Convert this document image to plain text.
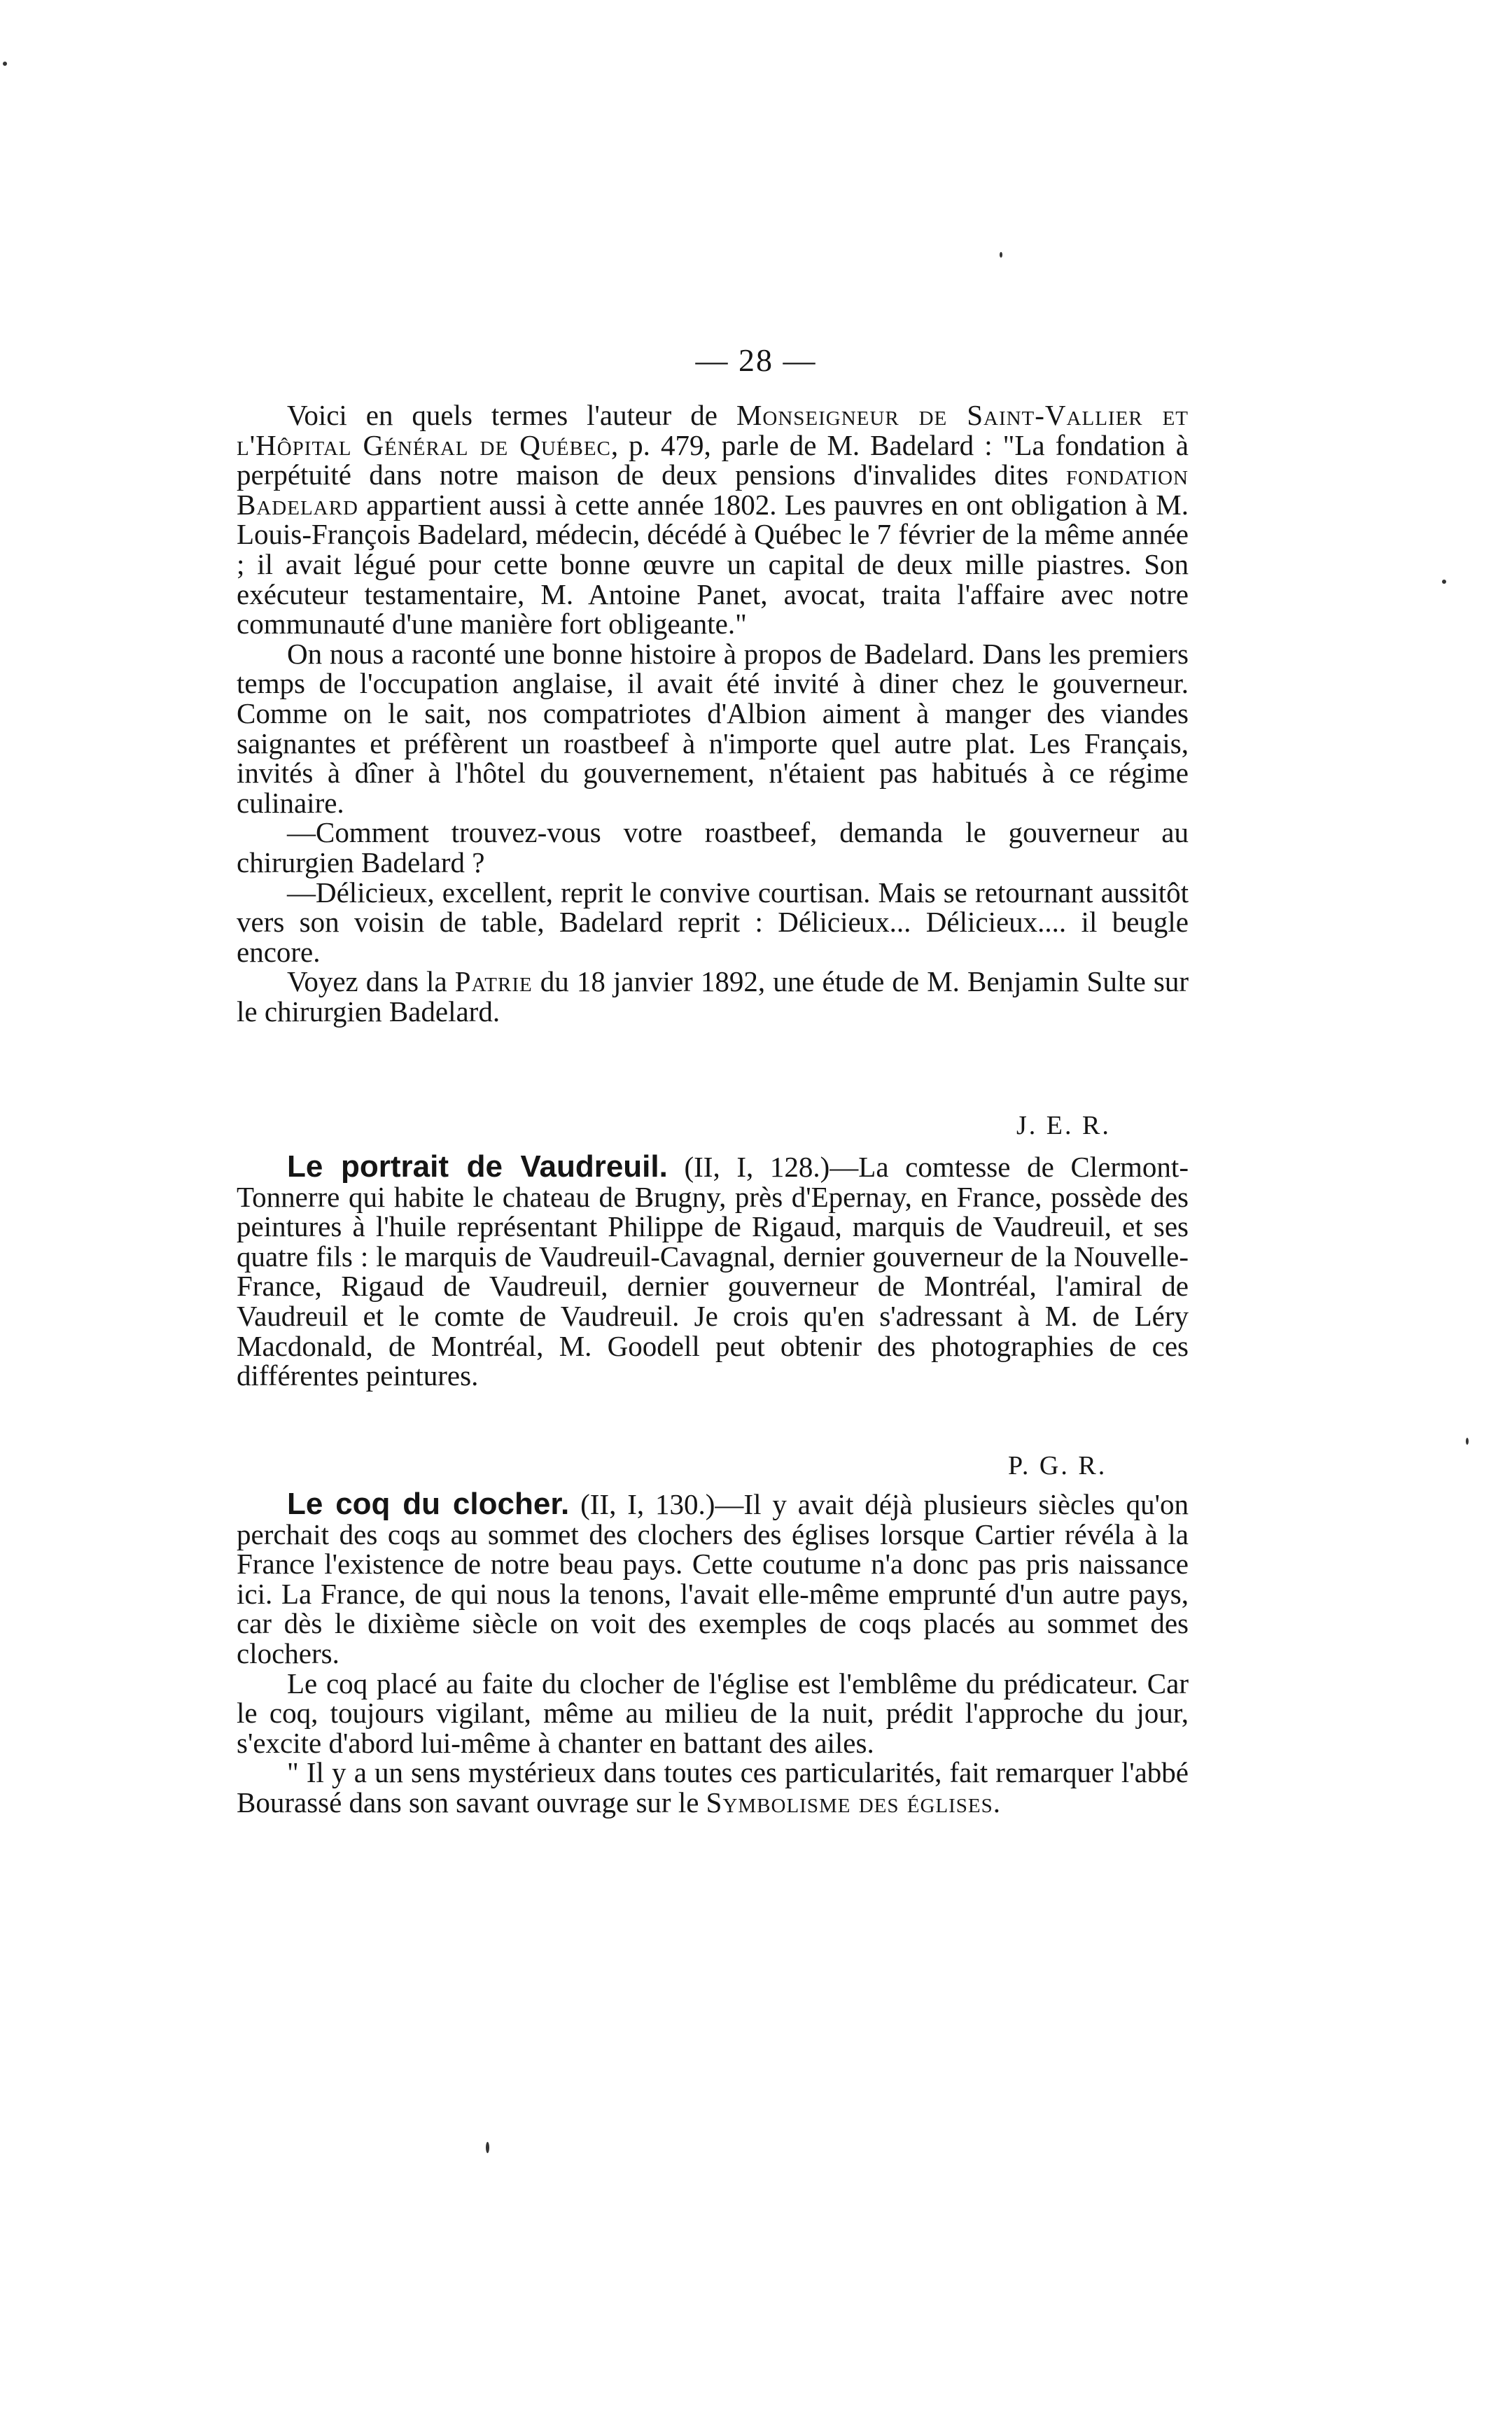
— 28 —

Voici en quels termes l'auteur de Monseigneur de Saint-Vallier et l'Hôpital Général de Québec, p. 479, parle de M. Badelard : "La fondation à perpétuité dans notre maison de deux pensions d'invalides dites fondation Badelard appartient aussi à cette année 1802. Les pauvres en ont obligation à M. Louis-François Badelard, médecin, décédé à Québec le 7 février de la même année ; il avait légué pour cette bonne œuvre un capital de deux mille piastres. Son exécuteur testamentaire, M. Antoine Panet, avocat, traita l'affaire avec notre communauté d'une manière fort obligeante."

On nous a raconté une bonne histoire à propos de Badelard. Dans les premiers temps de l'occupation anglaise, il avait été invité à diner chez le gouverneur. Comme on le sait, nos compatriotes d'Albion aiment à manger des viandes saignantes et préfèrent un roastbeef à n'importe quel autre plat. Les Français, invités à dîner à l'hôtel du gouvernement, n'étaient pas habitués à ce régime culinaire.

—Comment trouvez-vous votre roastbeef, demanda le gouverneur au chirurgien Badelard ?

—Délicieux, excellent, reprit le convive courtisan. Mais se retournant aussitôt vers son voisin de table, Badelard reprit : Délicieux... Délicieux.... il beugle encore.

Voyez dans la Patrie du 18 janvier 1892, une étude de M. Benjamin Sulte sur le chirurgien Badelard.

J. E. R.

Le portrait de Vaudreuil. (II, I, 128.)—La comtesse de Clermont-Tonnerre qui habite le chateau de Brugny, près d'Epernay, en France, possède des peintures à l'huile représentant Philippe de Rigaud, marquis de Vaudreuil, et ses quatre fils : le marquis de Vaudreuil-Cavagnal, dernier gouverneur de la Nouvelle-France, Rigaud de Vaudreuil, dernier gouverneur de Montréal, l'amiral de Vaudreuil et le comte de Vaudreuil. Je crois qu'en s'adressant à M. de Léry Macdonald, de Montréal, M. Goodell peut obtenir des photographies de ces différentes peintures.

P. G. R.

Le coq du clocher. (II, I, 130.)—Il y avait déjà plusieurs siècles qu'on perchait des coqs au sommet des clochers des églises lorsque Cartier révéla à la France l'existence de notre beau pays. Cette coutume n'a donc pas pris naissance ici. La France, de qui nous la tenons, l'avait elle-même emprunté d'un autre pays, car dès le dixième siècle on voit des exemples de coqs placés au sommet des clochers.

Le coq placé au faite du clocher de l'église est l'emblême du prédicateur. Car le coq, toujours vigilant, même au milieu de la nuit, prédit l'approche du jour, s'excite d'abord lui-même à chanter en battant des ailes.

" Il y a un sens mystérieux dans toutes ces particularités, fait remarquer l'abbé Bourassé dans son savant ouvrage sur le Symbolisme des églises.
